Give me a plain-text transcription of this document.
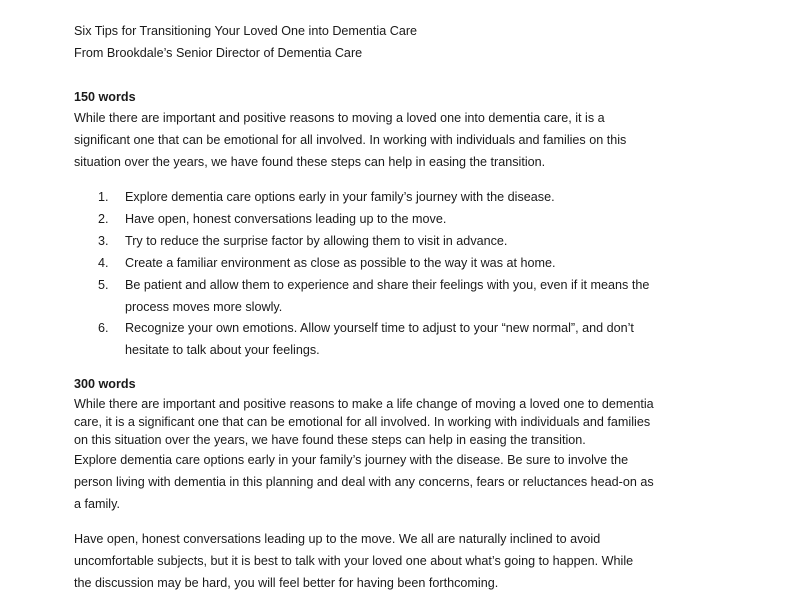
Six Tips for Transitioning Your Loved One into Dementia Care
From Brookdale’s Senior Director of Dementia Care
150 words
While there are important and positive reasons to moving a loved one into dementia care, it is a
significant one that can be emotional for all involved. In working with individuals and families on this
situation over the years, we have found these steps can help in easing the transition.
1. Explore dementia care options early in your family’s journey with the disease.
2. Have open, honest conversations leading up to the move.
3. Try to reduce the surprise factor by allowing them to visit in advance.
4. Create a familiar environment as close as possible to the way it was at home.
5. Be patient and allow them to experience and share their feelings with you, even if it means the
process moves more slowly.
6. Recognize your own emotions. Allow yourself time to adjust to your “new normal”, and don’t
hesitate to talk about your feelings.
300 words
While there are important and positive reasons to make a life change of moving a loved one to dementia
care, it is a significant one that can be emotional for all involved. In working with individuals and families
on this situation over the years, we have found these steps can help in easing the transition.
Explore dementia care options early in your family’s journey with the disease. Be sure to involve the
person living with dementia in this planning and deal with any concerns, fears or reluctances head-on as
a family.
Have open, honest conversations leading up to the move. We all are naturally inclined to avoid
uncomfortable subjects, but it is best to talk with your loved one about what’s going to happen. While
the discussion may be hard, you will feel better for having been forthcoming.
